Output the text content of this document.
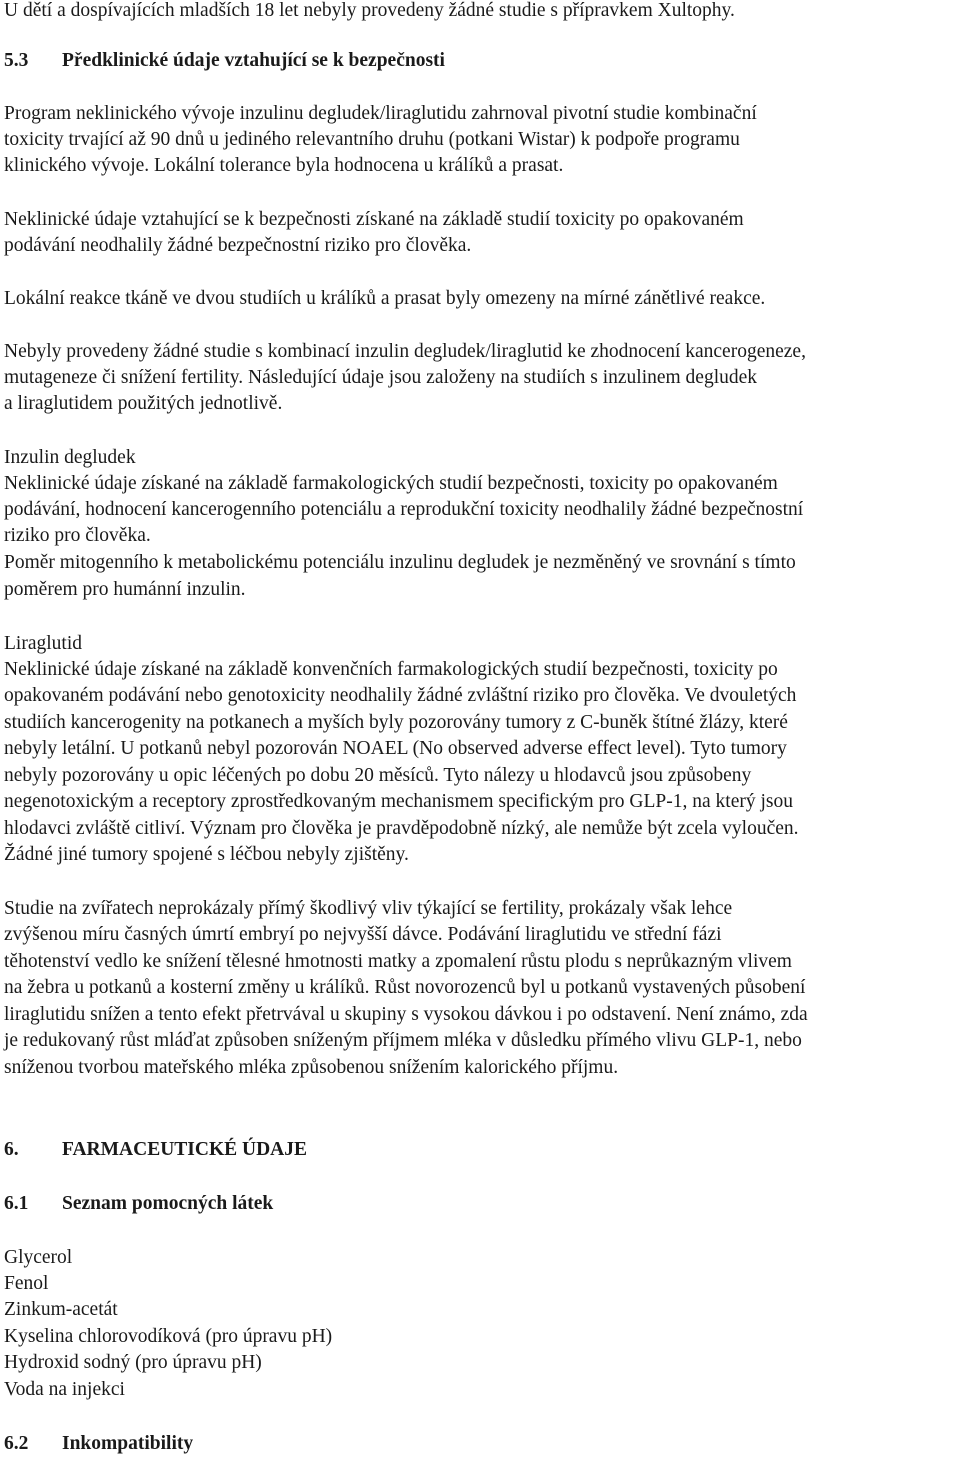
U dětí a dospívajících mladších 18 let nebyly provedeny žádné studie s přípravkem Xultophy.
5.3 Předklinické údaje vztahující se k bezpečnosti
Program neklinického vývoje inzulinu degludek/liraglutidu zahrnoval pivotní studie kombinační
toxicity trvající až 90 dnů u jediného relevantního druhu (potkani Wistar) k podpoře programu
klinického vývoje. Lokální tolerance byla hodnocena u králíků a prasat.
Neklinické údaje vztahující se k bezpečnosti získané na základě studií toxicity po opakovaném
podávání neodhalily žádné bezpečnostní riziko pro člověka.
Lokální reakce tkáně ve dvou studiích u králíků a prasat byly omezeny na mírné zánětlivé reakce.
Nebyly provedeny žádné studie s kombinací inzulin degludek/liraglutid ke zhodnocení kancerogeneze,
mutageneze či snížení fertility. Následující údaje jsou založeny na studiích s inzulinem degludek
a liraglutidem použitých jednotlivě.
Inzulin degludek
Neklinické údaje získané na základě farmakologických studií bezpečnosti, toxicity po opakovaném
podávání, hodnocení kancerogenního potenciálu a reprodukční toxicity neodhalily žádné bezpečnostní
riziko pro člověka.
Poměr mitogenního k metabolickému potenciálu inzulinu degludek je nezměněný ve srovnání s tímto
poměrem pro humánní inzulin.
Liraglutid
Neklinické údaje získané na základě konvenčních farmakologických studií bezpečnosti, toxicity po
opakovaném podávání nebo genotoxicity neodhalily žádné zvláštní riziko pro člověka. Ve dvouletých
studiích kancerogenity na potkanech a myších byly pozorovány tumory z C-buněk štítné žlázy, které
nebyly letální. U potkanů nebyl pozorován NOAEL (No observed adverse effect level). Tyto tumory
nebyly pozorovány u opic léčených po dobu 20 měsíců. Tyto nálezy u hlodavců jsou způsobeny
negenotoxickým a receptory zprostředkovaným mechanismem specifickým pro GLP-1, na který jsou
hlodavci zvláště citliví. Význam pro člověka je pravděpodobně nízký, ale nemůže být zcela vyloučen.
Žádné jiné tumory spojené s léčbou nebyly zjištěny.
Studie na zvířatech neprokázaly přímý škodlivý vliv týkající se fertility, prokázaly však lehce
zvýšenou míru časných úmrtí embryí po nejvyšší dávce. Podávání liraglutidu ve střední fázi
těhotenství vedlo ke snížení tělesné hmotnosti matky a zpomalení růstu plodu s neprůkazným vlivem
na žebra u potkanů a kosterní změny u králíků. Růst novorozenců byl u potkanů vystavených působení
liraglutidu snížen a tento efekt přetrvával u skupiny s vysokou dávkou i po odstavení. Není známo, zda
je redukovaný růst mláďat způsoben sníženým příjmem mléka v důsledku přímého vlivu GLP-1, nebo
sníženou tvorbou mateřského mléka způsobenou snížením kalorického příjmu.
6. FARMACEUTICKÉ ÚDAJE
6.1 Seznam pomocných látek
Glycerol
Fenol
Zinkum-acetát
Kyselina chlorovodíková (pro úpravu pH)
Hydroxid sodný (pro úpravu pH)
Voda na injekci
6.2 Inkompatibility
